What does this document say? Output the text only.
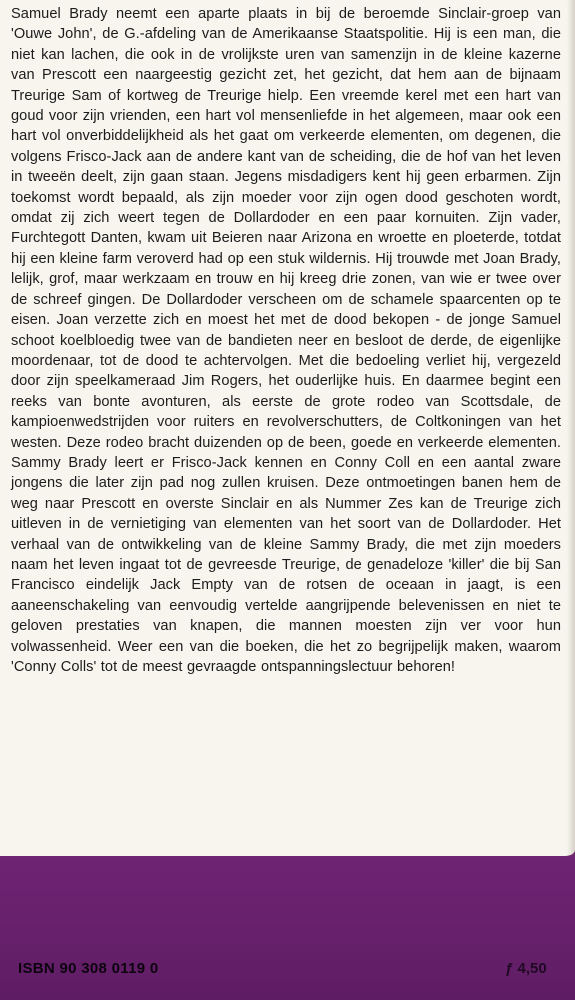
Samuel Brady neemt een aparte plaats in bij de beroemde Sinclair-groep van 'Ouwe John', de G.-afdeling van de Amerikaanse Staatspolitie. Hij is een man, die niet kan lachen, die ook in de vrolijkste uren van samenzijn in de kleine kazerne van Prescott een naargeestig gezicht zet, het gezicht, dat hem aan de bijnaam Treurige Sam of kortweg de Treurige hielp. Een vreemde kerel met een hart van goud voor zijn vrienden, een hart vol mensenliefde in het algemeen, maar ook een hart vol onverbiddelijkheid als het gaat om verkeerde elementen, om degenen, die volgens Frisco-Jack aan de andere kant van de scheiding, die de hof van het leven in tweeën deelt, zijn gaan staan. Jegens misdadigers kent hij geen erbarmen. Zijn toekomst wordt bepaald, als zijn moeder voor zijn ogen dood geschoten wordt, omdat zij zich weert tegen de Dollardoder en een paar kornuiten. Zijn vader, Furchtegott Danten, kwam uit Beieren naar Arizona en wroette en ploeterde, totdat hij een kleine farm veroverd had op een stuk wildernis. Hij trouwde met Joan Brady, lelijk, grof, maar werkzaam en trouw en hij kreeg drie zonen, van wie er twee over de schreef gingen. De Dollardoder verscheen om de schamele spaarcenten op te eisen. Joan verzette zich en moest het met de dood bekopen - de jonge Samuel schoot koelbloedig twee van de bandieten neer en besloot de derde, de eigenlijke moordenaar, tot de dood te achtervolgen. Met die bedoeling verliet hij, vergezeld door zijn speelkameraad Jim Rogers, het ouderlijke huis. En daarmee begint een reeks van bonte avonturen, als eerste de grote rodeo van Scottsdale, de kampioenwedstrijden voor ruiters en revolverschutters, de Coltkoningen van het westen. Deze rodeo bracht duizenden op de been, goede en verkeerde elementen. Sammy Brady leert er Frisco-Jack kennen en Conny Coll en een aantal zware jongens die later zijn pad nog zullen kruisen. Deze ontmoetingen banen hem de weg naar Prescott en overste Sinclair en als Nummer Zes kan de Treurige zich uitleven in de vernietiging van elementen van het soort van de Dollardoder. Het verhaal van de ontwikkeling van de kleine Sammy Brady, die met zijn moeders naam het leven ingaat tot de gevreesde Treurige, de genadeloze 'killer' die bij San Francisco eindelijk Jack Empty van de rotsen de oceaan in jaagt, is een aaneenschakeling van eenvoudig vertelde aangrijpende belevenissen en niet te geloven prestaties van knapen, die mannen moesten zijn ver voor hun volwassenheid. Weer een van die boeken, die het zo begrijpelijk maken, waarom 'Conny Colls' tot de meest gevraagde ontspanningslectuur behoren!

ISBN 90 308 0119 0	ƒ 4,50
